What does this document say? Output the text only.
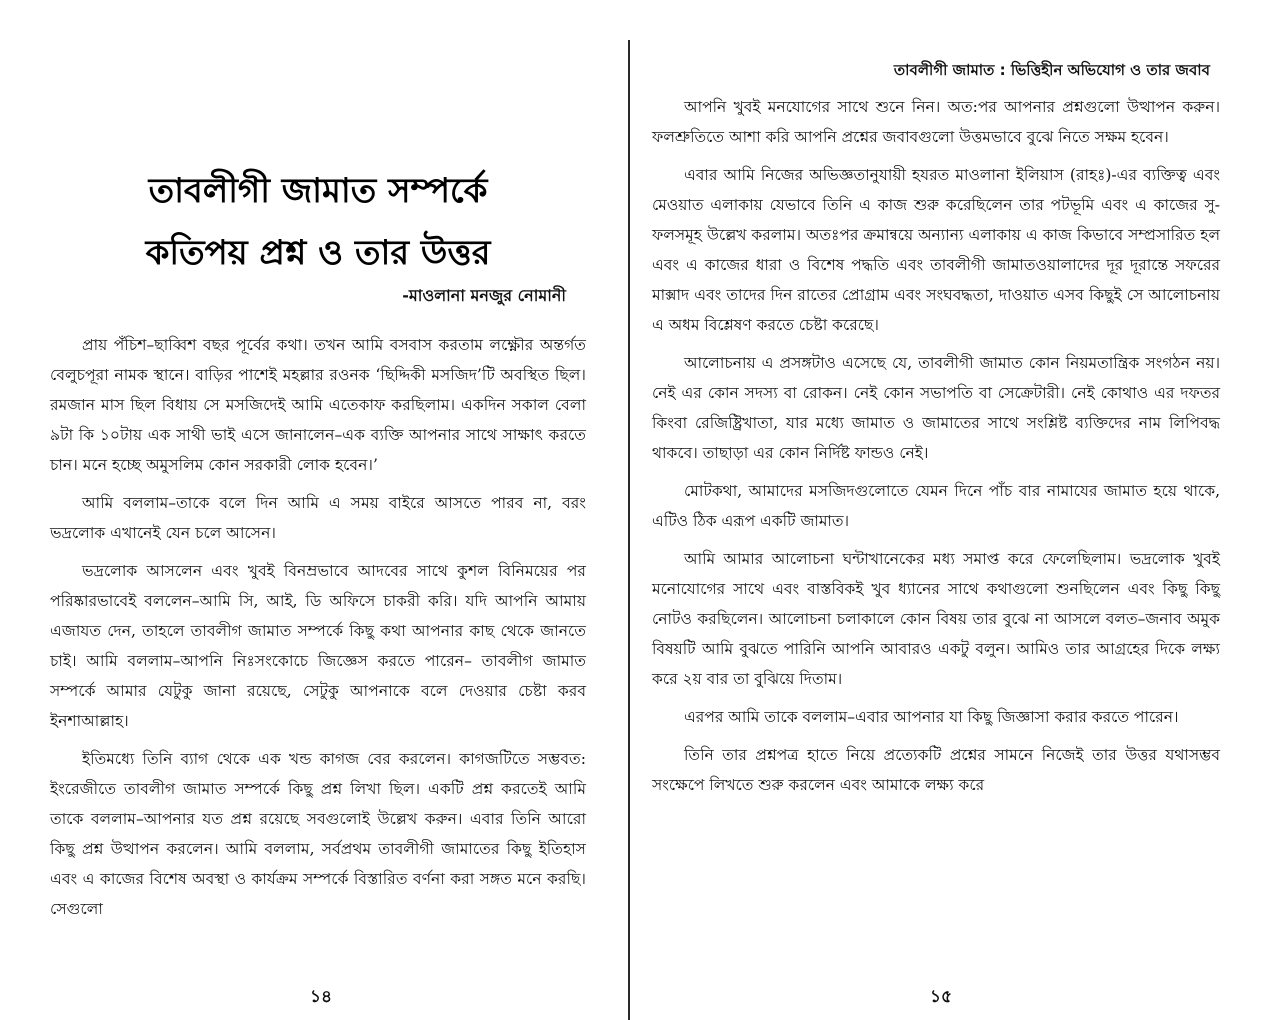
তাবলীগী জামাত সম্পর্কে
কতিপয় প্রশ্ন ও তার উত্তর
-মাওলানা মনজুর নোমানী

প্রায় পঁচিশ–ছাব্বিশ বছর পূর্বের কথা। তখন আমি বসবাস করতাম লক্ষ্ণৌর অন্তর্গত বেলুচপূরা নামক স্থানে। বাড়ির পাশেই মহল্লার রওনক ‘ছিদ্দিকী মসজিদ’টি অবস্থিত ছিল। রমজান মাস ছিল বিধায় সে মসজিদেই আমি এতেকাফ করছিলাম। একদিন সকাল বেলা ৯টা কি ১০টায় এক সাথী ভাই এসে জানালেন–এক ব্যক্তি আপনার সাথে সাক্ষাৎ করতে চান। মনে হচ্ছে অমুসলিম কোন সরকারী লোক হবেন।’

আমি বললাম–তাকে বলে দিন আমি এ সময় বাইরে আসতে পারব না, বরং ভদ্রলোক এখানেই যেন চলে আসেন।

ভদ্রলোক আসলেন এবং খুবই বিনম্রভাবে আদবের সাথে কুশল বিনিময়ের পর পরিষ্কারভাবেই বললেন–আমি সি, আই, ডি অফিসে চাকরী করি। যদি আপনি আমায় এজাযত দেন, তাহলে তাবলীগ জামাত সম্পর্কে কিছু কথা আপনার কাছ থেকে জানতে চাই। আমি বললাম–আপনি নিঃসংকোচে জিজ্ঞেস করতে পারেন– তাবলীগ জামাত সম্পর্কে আমার যেটুকু জানা রয়েছে, সেটুকু আপনাকে বলে দেওয়ার চেষ্টা করব ইনশাআল্লাহ।

ইতিমধ্যে তিনি ব্যাগ থেকে এক খন্ড কাগজ বের করলেন। কাগজটিতে সম্ভবত: ইংরেজীতে তাবলীগ জামাত সম্পর্কে কিছু প্রশ্ন লিখা ছিল। একটি প্রশ্ন করতেই আমি তাকে বললাম–আপনার যত প্রশ্ন রয়েছে সবগুলোই উল্লেখ করুন। এবার তিনি আরো কিছু প্রশ্ন উত্থাপন করলেন। আমি বললাম, সর্বপ্রথম তাবলীগী জামাতের কিছু ইতিহাস এবং এ কাজের বিশেষ অবস্থা ও কার্যক্রম সম্পর্কে বিস্তারিত বর্ণনা করা সঙ্গত মনে করছি। সেগুলো

১৪
তাবলীগী জামাত : ভিত্তিহীন অভিযোগ ও তার জবাব

আপনি খুবই মনযোগের সাথে শুনে নিন। অত:পর আপনার প্রশ্নগুলো উত্থাপন করুন। ফলশ্রুতিতে আশা করি আপনি প্রশ্নের জবাবগুলো উত্তমভাবে বুঝে নিতে সক্ষম হবেন।

এবার আমি নিজের অভিজ্ঞতানুযায়ী হযরত মাওলানা ইলিয়াস (রাহঃ)-এর ব্যক্তিত্ব এবং মেওয়াত এলাকায় যেভাবে তিনি এ কাজ শুরু করেছিলেন তার পটভূমি এবং এ কাজের সু-ফলসমূহ উল্লেখ করলাম। অতঃপর ক্রমান্বয়ে অন্যান্য এলাকায় এ কাজ কিভাবে সম্প্রসারিত হল এবং এ কাজের ধারা ও বিশেষ পদ্ধতি এবং তাবলীগী জামাতওয়ালাদের দূর দূরান্তে সফরের মাক্সাদ এবং তাদের দিন রাতের প্রোগ্রাম এবং সংঘবদ্ধতা, দাওয়াত এসব কিছুই সে আলোচনায় এ অধম বিশ্লেষণ করতে চেষ্টা করেছে।

আলোচনায় এ প্রসঙ্গটাও এসেছে যে, তাবলীগী জামাত কোন নিয়মতান্ত্রিক সংগঠন নয়। নেই এর কোন সদস্য বা রোকন। নেই কোন সভাপতি বা সেক্রেটারী। নেই কোথাও এর দফতর কিংবা রেজিষ্ট্রিখাতা, যার মধ্যে জামাত ও জামাতের সাথে সংশ্লিষ্ট ব্যক্তিদের নাম লিপিবদ্ধ থাকবে। তাছাড়া এর কোন নির্দিষ্ট ফান্ডও নেই।

মোটকথা, আমাদের মসজিদগুলোতে যেমন দিনে পাঁচ বার নামাযের জামাত হয়ে থাকে, এটিও ঠিক এরূপ একটি জামাত।

আমি আমার আলোচনা ঘন্টাখানেকের মধ্য সমাপ্ত করে ফেলেছিলাম। ভদ্রলোক খুবই মনোযোগের সাথে এবং বাস্তবিকই খুব ধ্যানের সাথে কথাগুলো শুনছিলেন এবং কিছু কিছু নোটও করছিলেন। আলোচনা চলাকালে কোন বিষয় তার বুঝে না আসলে বলত–জনাব অমুক বিষয়টি আমি বুঝতে পারিনি আপনি আবারও একটু বলুন। আমিও তার আগ্রহের দিকে লক্ষ্য করে ২য় বার তা বুঝিয়ে দিতাম।

এরপর আমি তাকে বললাম–এবার আপনার যা কিছু জিজ্ঞাসা করার করতে পারেন।

তিনি তার প্রশ্নপত্র হাতে নিয়ে প্রত্যেকটি প্রশ্নের সামনে নিজেই তার উত্তর যথাসম্ভব সংক্ষেপে লিখতে শুরু করলেন এবং আমাকে লক্ষ্য করে

১৫
